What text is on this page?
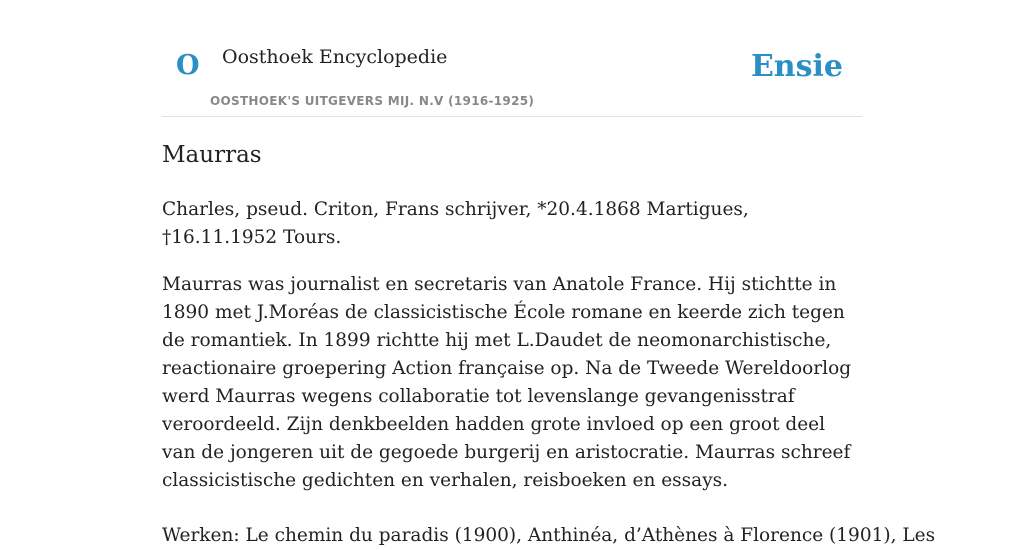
O Oosthoek Encyclopedie
OOSTHOEK'S UITGEVERS MIJ. N.V (1916-1925)
Ensie
Maurras

Charles, pseud. Criton, Frans schrijver, *20.4.1868 Martigues, †16.11.1952 Tours.

Maurras was journalist en secretaris van Anatole France. Hij stichtte in 1890 met J.Moréas de classicistische École romane en keerde zich tegen de romantiek. In 1899 richtte hij met L.Daudet de neomonarchistische, reactionaire groepering Action française op. Na de Tweede Wereldoorlog werd Maurras wegens collaboratie tot levenslange gevangenisstraf veroordeeld. Zijn denkbeelden hadden grote invloed op een groot deel van de jongeren uit de gegoede burgerij en aristocratie. Maurras schreef classicistische gedichten en verhalen, reisboeken en essays.

Werken: Le chemin du paradis (1900), Anthinéa, d’Athènes à Florence (1901), Les
